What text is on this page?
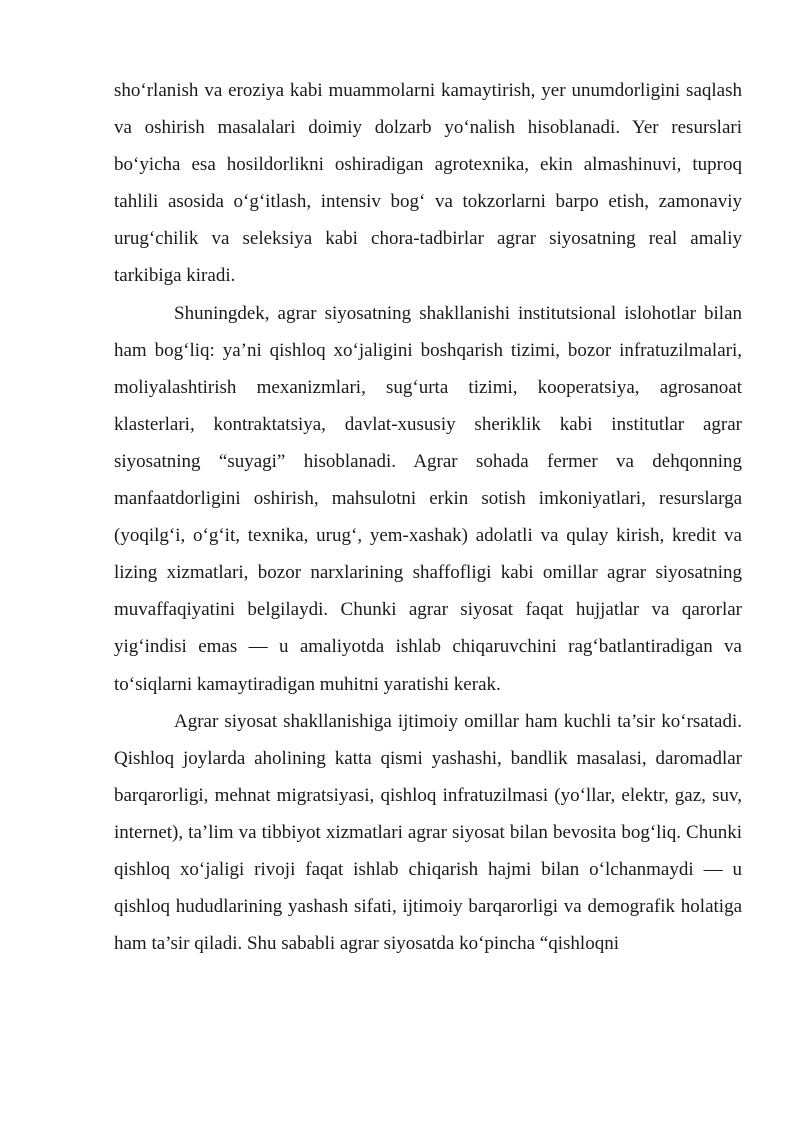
sho‘rlanish va eroziya kabi muammolarni kamaytirish, yer unumdorligini saqlash va oshirish masalalari doimiy dolzarb yo‘nalish hisoblanadi. Yer resurslari bo‘yicha esa hosildorlikni oshiradigan agrotexnika, ekin almashinuvi, tuproq tahlili asosida o‘g‘itlash, intensiv bog‘ va tokzorlarni barpo etish, zamonaviy urug‘chilik va seleksiya kabi chora-tadbirlar agrar siyosatning real amaliy tarkibiga kiradi.

Shuningdek, agrar siyosatning shakllanishi institutsional islohotlar bilan ham bog‘liq: ya’ni qishloq xo‘jaligini boshqarish tizimi, bozor infratuzilmalari, moliyalashtirish mexanizmlari, sug‘urta tizimi, kooperatsiya, agrosanoat klasterlari, kontraktatsiya, davlat-xususiy sheriklik kabi institutlar agrar siyosatning “suyagi” hisoblanadi. Agrar sohada fermer va dehqonning manfaatdorligini oshirish, mahsulotni erkin sotish imkoniyatlari, resurslarga (yoqilg‘i, o‘g‘it, texnika, urug‘, yem-xashak) adolatli va qulay kirish, kredit va lizing xizmatlari, bozor narxlarining shaffofligi kabi omillar agrar siyosatning muvaffaqiyatini belgilaydi. Chunki agrar siyosat faqat hujjatlar va qarorlar yig‘indisi emas — u amaliyotda ishlab chiqaruvchini rag‘batlantiradigan va to‘siqlarni kamaytiradigan muhitni yaratishi kerak.

Agrar siyosat shakllanishiga ijtimoiy omillar ham kuchli ta’sir ko‘rsatadi. Qishloq joylarda aholining katta qismi yashashi, bandlik masalasi, daromadlar barqarorligi, mehnat migratsiyasi, qishloq infratuzilmasi (yo‘llar, elektr, gaz, suv, internet), ta’lim va tibbiyot xizmatlari agrar siyosat bilan bevosita bog‘liq. Chunki qishloq xo‘jaligi rivoji faqat ishlab chiqarish hajmi bilan o‘lchanmaydi — u qishloq hududlarining yashash sifati, ijtimoiy barqarorligi va demografik holatiga ham ta’sir qiladi. Shu sababli agrar siyosatda ko‘pincha “qishloqni
